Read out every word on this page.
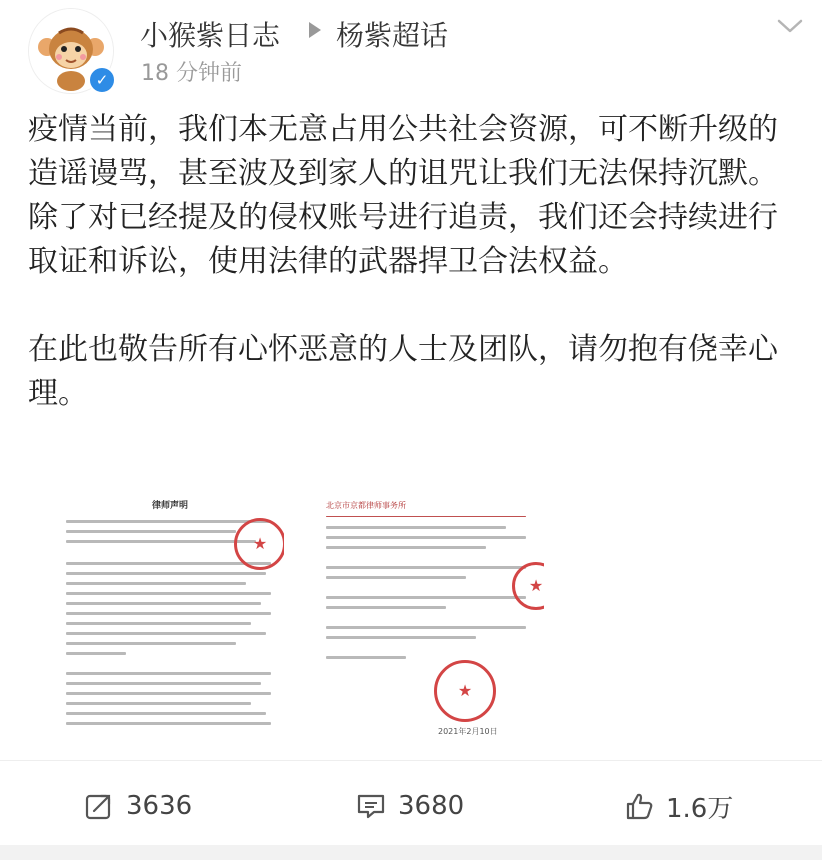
✓
小猴紫日志 杨紫超话
18 分钟前

疫情当前，我们本无意占用公共社会资源，可不断升级的造谣谩骂，甚至波及到家人的诅咒让我们无法保持沉默。除了对已经提及的侵权账号进行追责，我们还会持续进行取证和诉讼，使用法律的武器捍卫合法权益。

在此也敬告所有心怀恶意的人士及团队，请勿抱有侥幸心理。

律师声明
★	北京市京都律师事务所
★
★
2021年2月10日
3636	3680	1.6万
